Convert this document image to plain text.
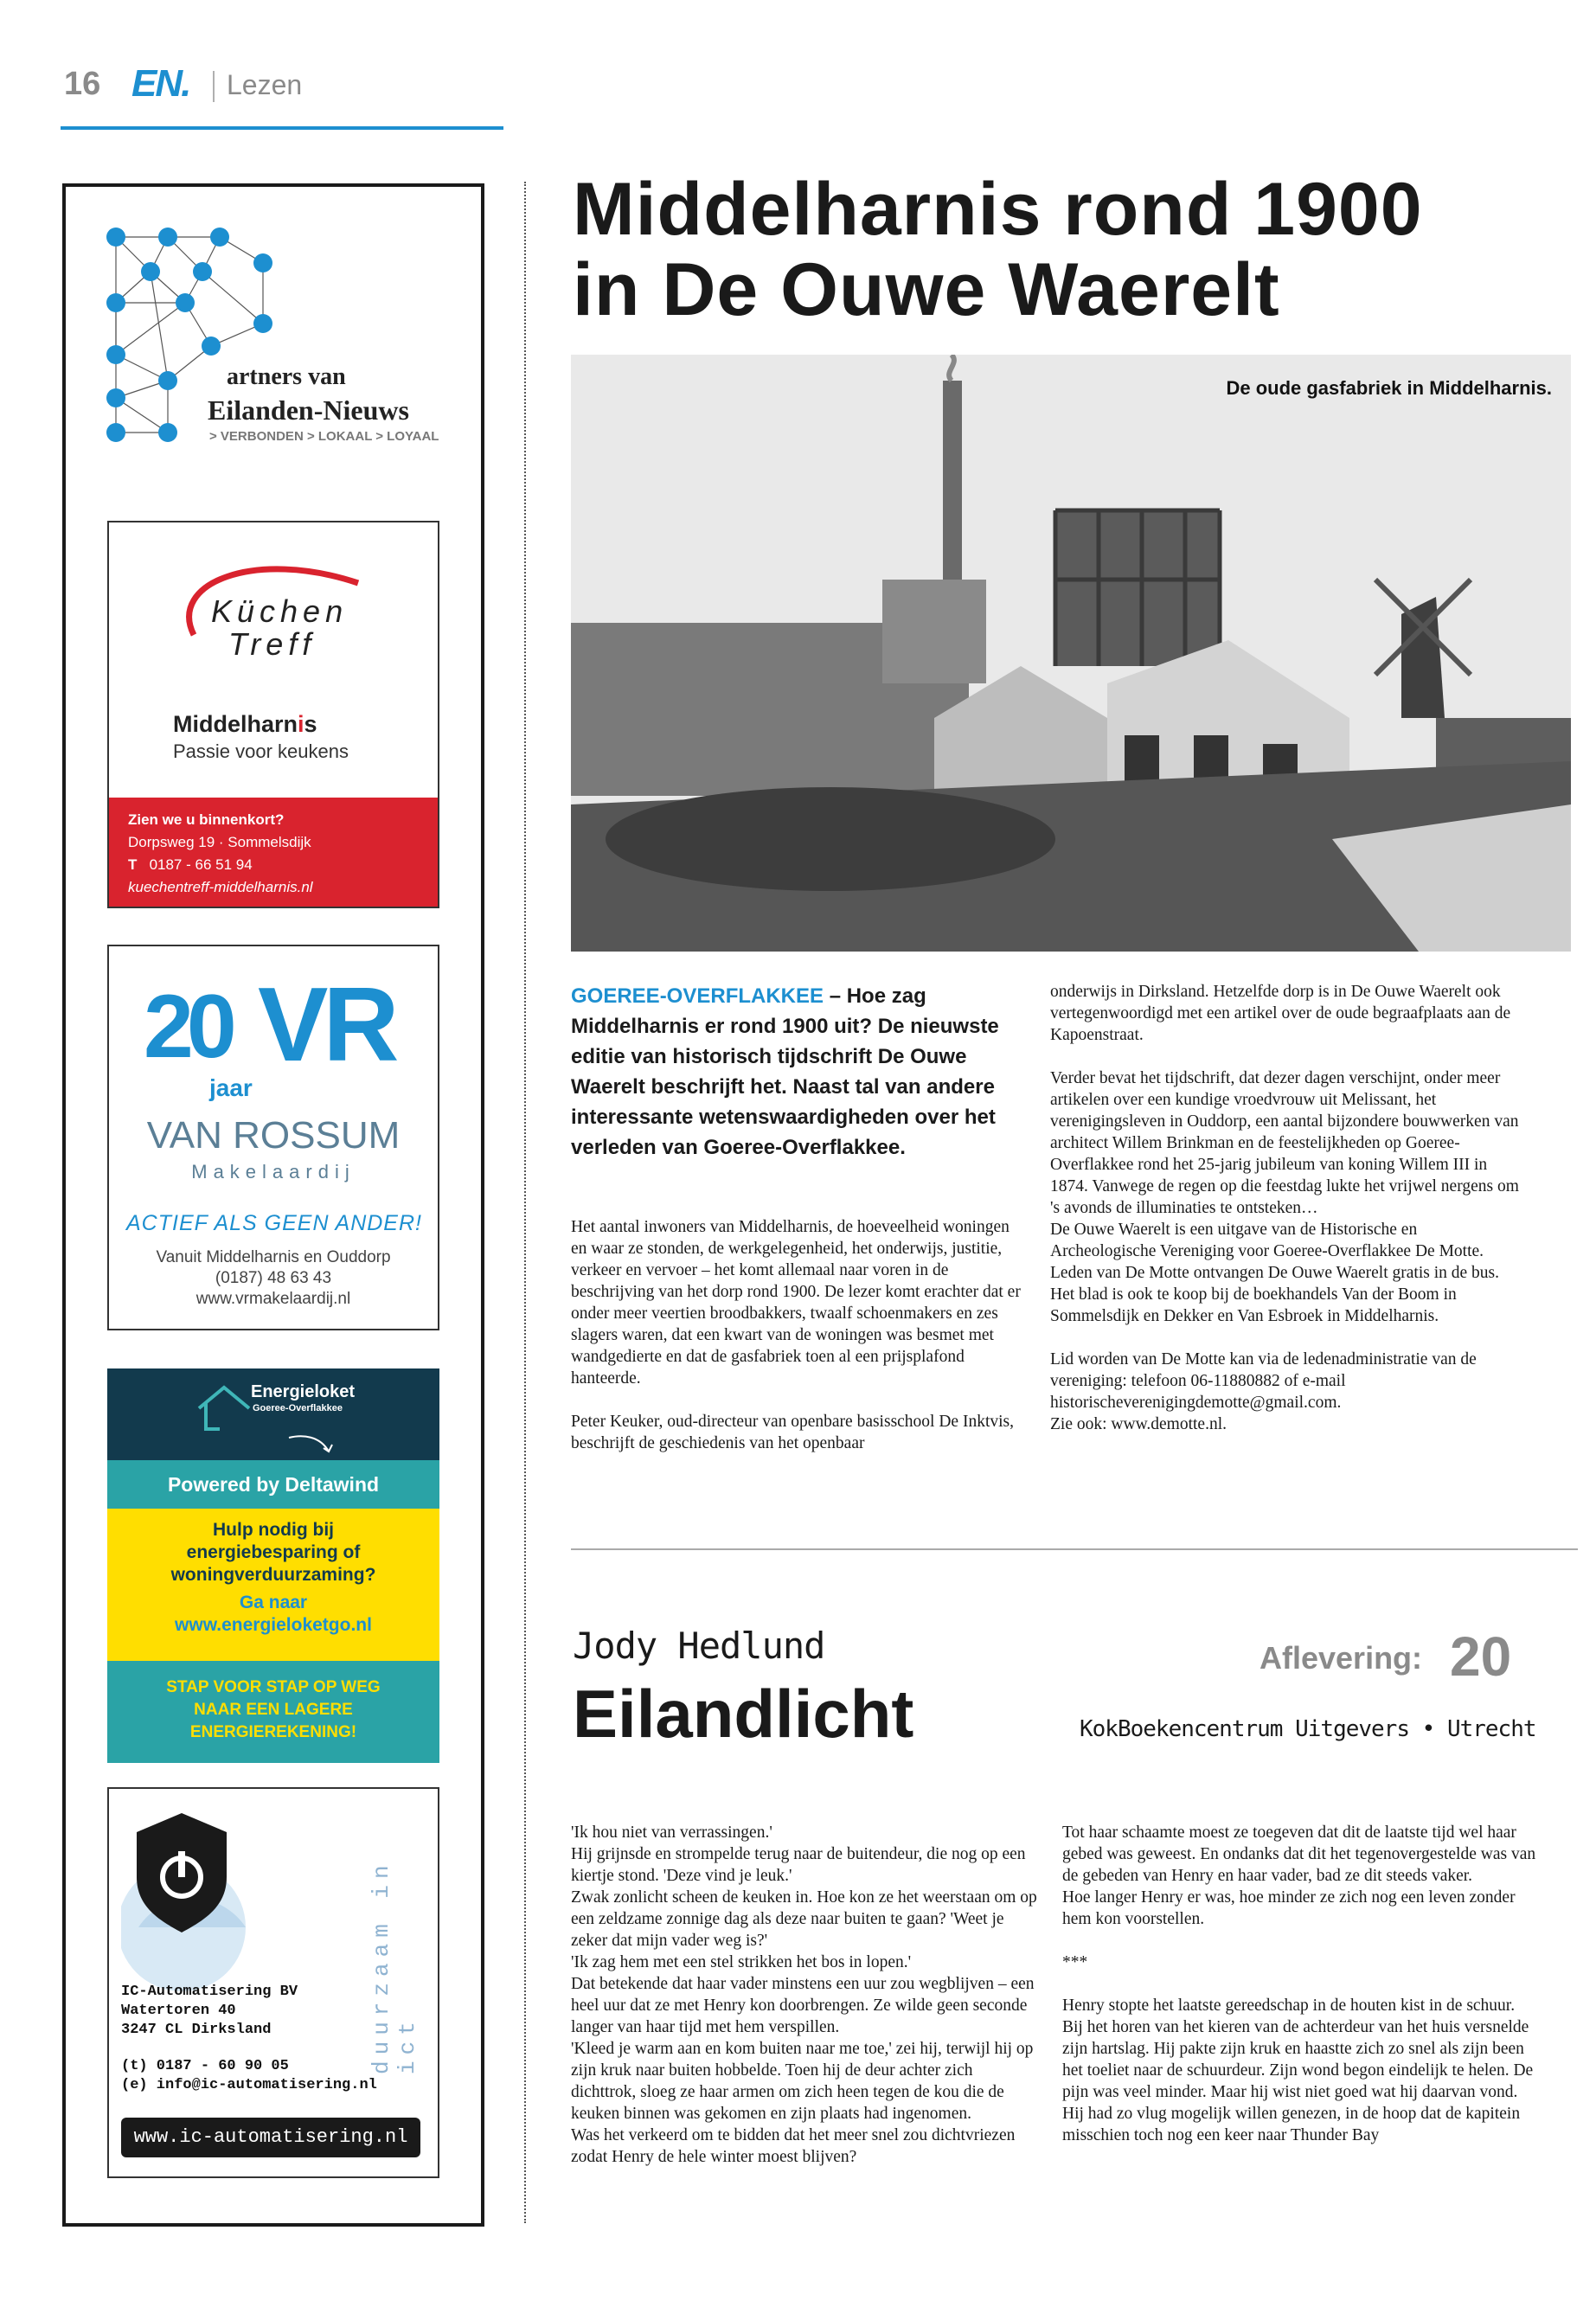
16 EN. Lezen
artners van
Eilanden-Nieuws
> VERBONDEN > LOKAAL > LOYAAL
Küchen
Treff
Middelharnis
Passie voor keukens
Zien we u binnenkort?
Dorpsweg 19 · Sommelsdijk
T 0187 - 66 51 94
kuechentreff-middelharnis.nl
20 VR
jaar
VAN ROSSUM
Makelaardij
ACTIEF ALS GEEN ANDER!
Vanuit Middelharnis en Ouddorp
(0187) 48 63 43
www.vrmakelaardij.nl
Energieloket
Goeree-Overflakkee
Powered by Deltawind
Hulp nodig bij
energiebesparing of
woningverduurzaming?
Ga naar
www.energieloketgo.nl
STAP VOOR STAP OP WEG
NAAR EEN LAGERE
ENERGIEREKENING!
duurzaam in ict
IC-Automatisering BV
Watertoren 40
3247 CL Dirksland
(t) 0187 - 60 90 05
(e) info@ic-automatisering.nl
www.ic-automatisering.nl
Middelharnis rond 1900
in De Ouwe Waerelt
De oude gasfabriek in Middelharnis.
GOEREE-OVERFLAKKEE – Hoe zag Middelharnis er rond 1900 uit? De nieuwste editie van historisch tijdschrift De Ouwe Waerelt beschrijft het. Naast tal van andere interessante wetenswaardigheden over het verleden van Goeree-Overflakkee.
Het aantal inwoners van Middelharnis, de hoeveelheid woningen en waar ze stonden, de werkgelegenheid, het onderwijs, justitie, verkeer en vervoer – het komt allemaal naar voren in de beschrijving van het dorp rond 1900. De lezer komt erachter dat er onder meer veertien broodbakkers, twaalf schoenmakers en zes slagers waren, dat een kwart van de woningen was besmet met wandgedierte en dat de gasfabriek toen al een prijsplafond hanteerde.

Peter Keuker, oud-directeur van openbare basisschool De Inktvis, beschrijft de geschiedenis van het openbaar
onderwijs in Dirksland. Hetzelfde dorp is in De Ouwe Waerelt ook vertegenwoordigd met een artikel over de oude begraafplaats aan de Kapoenstraat.

Verder bevat het tijdschrift, dat dezer dagen verschijnt, onder meer artikelen over een kundige vroedvrouw uit Melissant, het verenigingsleven in Ouddorp, een aantal bijzondere bouwwerken van architect Willem Brinkman en de feestelijkheden op Goeree-Overflakkee rond het 25-jarig jubileum van koning Willem III in 1874. Vanwege de regen op die feestdag lukte het vrijwel nergens om 's avonds de illuminaties te ontsteken…
De Ouwe Waerelt is een uitgave van de Historische en Archeologische Vereniging voor Goeree-Overflakkee De Motte. Leden van De Motte ontvangen De Ouwe Waerelt gratis in de bus. Het blad is ook te koop bij de boekhandels Van der Boom in Sommelsdijk en Dekker en Van Esbroek in Middelharnis.

Lid worden van De Motte kan via de ledenadministratie van de vereniging: telefoon 06-11880882 of e-mail historischeverenigingdemotte@gmail.com.
Zie ook: www.demotte.nl.
Jody Hedlund
Eilandlicht
Aflevering: 20
KokBoekencentrum Uitgevers • Utrecht
'Ik hou niet van verrassingen.'
Hij grijnsde en strompelde terug naar de buitendeur, die nog op een kiertje stond. 'Deze vind je leuk.'
Zwak zonlicht scheen de keuken in. Hoe kon ze het weerstaan om op een zeldzame zonnige dag als deze naar buiten te gaan? 'Weet je zeker dat mijn vader weg is?'
'Ik zag hem met een stel strikken het bos in lopen.'
Dat betekende dat haar vader minstens een uur zou wegblijven – een heel uur dat ze met Henry kon doorbrengen. Ze wilde geen seconde langer van haar tijd met hem verspillen.
'Kleed je warm aan en kom buiten naar me toe,' zei hij, terwijl hij op zijn kruk naar buiten hobbelde. Toen hij de deur achter zich dichttrok, sloeg ze haar armen om zich heen tegen de kou die de keuken binnen was gekomen en zijn plaats had ingenomen.
Was het verkeerd om te bidden dat het meer snel zou dichtvriezen zodat Henry de hele winter moest blijven?
Tot haar schaamte moest ze toegeven dat dit de laatste tijd wel haar gebed was geweest. En ondanks dat dit het tegenovergestelde was van de gebeden van Henry en haar vader, bad ze dit steeds vaker.
Hoe langer Henry er was, hoe minder ze zich nog een leven zonder hem kon voorstellen.

***

Henry stopte het laatste gereedschap in de houten kist in de schuur. Bij het horen van het kieren van de achterdeur van het huis versnelde zijn hartslag. Hij pakte zijn kruk en haastte zich zo snel als zijn been het toeliet naar de schuurdeur. Zijn wond begon eindelijk te helen. De pijn was veel minder. Maar hij wist niet goed wat hij daarvan vond.
Hij had zo vlug mogelijk willen genezen, in de hoop dat de kapitein misschien toch nog een keer naar Thunder Bay
